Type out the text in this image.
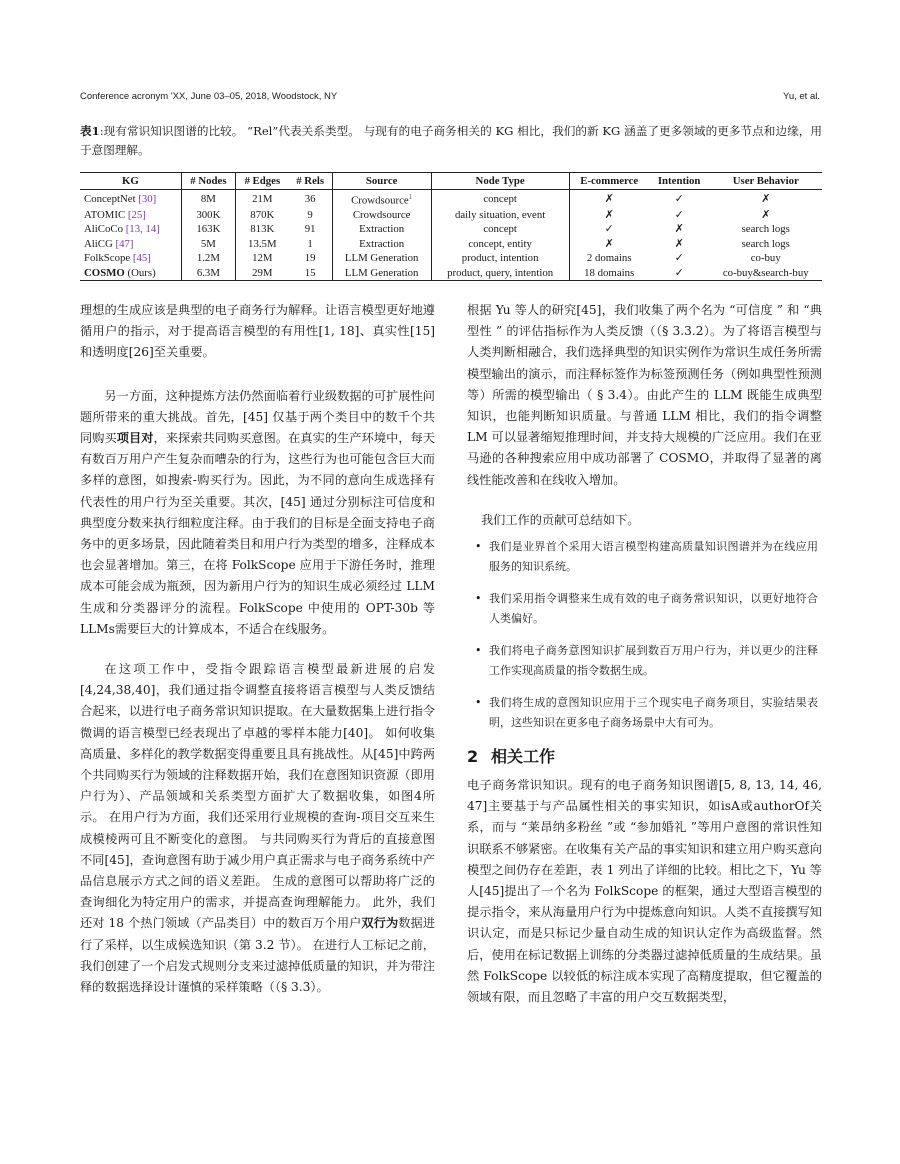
Conference acronym 'XX, June 03–05, 2018, Woodstock, NY	Yu, et al.
表1:现有常识知识图谱的比较。 “Rel”代表关系类型。 与现有的电子商务相关的 KG 相比，我们的新 KG 涵盖了更多领域的更多节点和边缘，用于意图理解。
KG	# Nodes	# Edges	# Rels	Source	Node Type	E-commerce	Intention	User Behavior
ConceptNet [30]	8M	21M	36	Crowdsource$^1$	concept	✗	✓	✗
ATOMIC [25]	300K	870K	9	Crowdsource	daily situation, event	✗	✓	✗
AliCoCo [13, 14]	163K	813K	91	Extraction	concept	✓	✗	search logs
AliCG [47]	5M	13.5M	1	Extraction	concept, entity	✗	✗	search logs
FolkScope [45]	1.2M	12M	19	LLM Generation	product, intention	2 domains	✓	co-buy
COSMO (Ours)	6.3M	29M	15	LLM Generation	product, query, intention	18 domains	✓	co-buy&search-buy

理想的生成应该是典型的电子商务行为解释。让语言模型更好地遵循用户的指示，对于提高语言模型的有用性[1, 18]、真实性[15]和透明度[26]至关重要。

另一方面，这种提炼方法仍然面临着行业级数据的可扩展性问题所带来的重大挑战。首先，[45] 仅基于两个类目中的数千个共同购买项目对，来探索共同购买意图。在真实的生产环境中，每天有数百万用户产生复杂而嘈杂的行为，这些行为也可能包含巨大而多样的意图，如搜索-购买行为。因此，为不同的意向生成选择有代表性的用户行为至关重要。其次，[45] 通过分别标注可信度和典型度分数来执行细粒度注释。由于我们的目标是全面支持电子商务中的更多场景，因此随着类目和用户行为类型的增多，注释成本也会显著增加。第三，在将 FolkScope 应用于下游任务时，推理成本可能会成为瓶颈，因为新用户行为的知识生成必须经过 LLM生成和分类器评分的流程。FolkScope 中使用的 OPT-30b 等LLMs需要巨大的计算成本，不适合在线服务。

在这项工作中，受指令跟踪语言模型最新进展的启发[4,24,38,40]，我们通过指令调整直接将语言模型与人类反馈结合起来，以进行电子商务常识知识提取。在大量数据集上进行指令微调的语言模型已经表现出了卓越的零样本能力[40]。 如何收集高质量、多样化的教学数据变得重要且具有挑战性。从[45]中跨两个共同购买行为领域的注释数据开始，我们在意图知识资源（即用户行为）、产品领域和关系类型方面扩大了数据收集，如图4所示。 在用户行为方面，我们还采用行业规模的查询-项目交互来生成模棱两可且不断变化的意图。 与共同购买行为背后的直接意图不同[45]，查询意图有助于减少用户真正需求与电子商务系统中产品信息展示方式之间的语义差距。 生成的意图可以帮助将广泛的查询细化为特定用户的需求，并提高查询理解能力。 此外，我们还对 18 个热门领域（产品类目）中的数百万个用户双行为数据进行了采样，以生成候选知识（第 3.2 节）。 在进行人工标记之前，我们创建了一个启发式规则分支来过滤掉低质量的知识，并为带注释的数据选择设计谨慎的采样策略（（§ 3.3）。

根据 Yu 等人的研究[45]，我们收集了两个名为 “可信度 ” 和 “典型性 ” 的评估指标作为人类反馈（（§ 3.3.2）。为了将语言模型与人类判断相融合，我们选择典型的知识实例作为常识生成任务所需模型输出的演示，而注释标签作为标签预测任务（例如典型性预测等）所需的模型输出（ § 3.4）。由此产生的 LLM 既能生成典型知识，也能判断知识质量。与普通 LLM 相比，我们的指令调整 LM 可以显著缩短推理时间，并支持大规模的广泛应用。我们在亚马逊的各种搜索应用中成功部署了 COSMO，并取得了显著的离线性能改善和在线收入增加。

我们工作的贡献可总结如下。

• 我们是业界首个采用大语言模型构建高质量知识图谱并为在线应用服务的知识系统。
• 我们采用指令调整来生成有效的电子商务常识知识，以更好地符合人类偏好。
• 我们将电子商务意图知识扩展到数百万用户行为，并以更少的注释工作实现高质量的指令数据生成。
• 我们将生成的意图知识应用于三个现实电子商务项目，实验结果表明，这些知识在更多电子商务场景中大有可为。
2 相关工作

电子商务常识知识。现有的电子商务知识图谱[5, 8, 13, 14, 46, 47]主要基于与产品属性相关的事实知识，如isA或authorOf关系，而与 “莱昂纳多粉丝 ”或 “参加婚礼 ”等用户意图的常识性知识联系不够紧密。在收集有关产品的事实知识和建立用户购买意向模型之间仍存在差距，表 1 列出了详细的比较。相比之下，Yu 等人[45]提出了一个名为 FolkScope 的框架，通过大型语言模型的提示指令，来从海量用户行为中提炼意向知识。人类不直接撰写知识认定，而是只标记少量自动生成的知识认定作为高级监督。然后，使用在标记数据上训练的分类器过滤掉低质量的生成结果。虽然 FolkScope 以较低的标注成本实现了高精度提取，但它覆盖的领域有限，而且忽略了丰富的用户交互数据类型，
